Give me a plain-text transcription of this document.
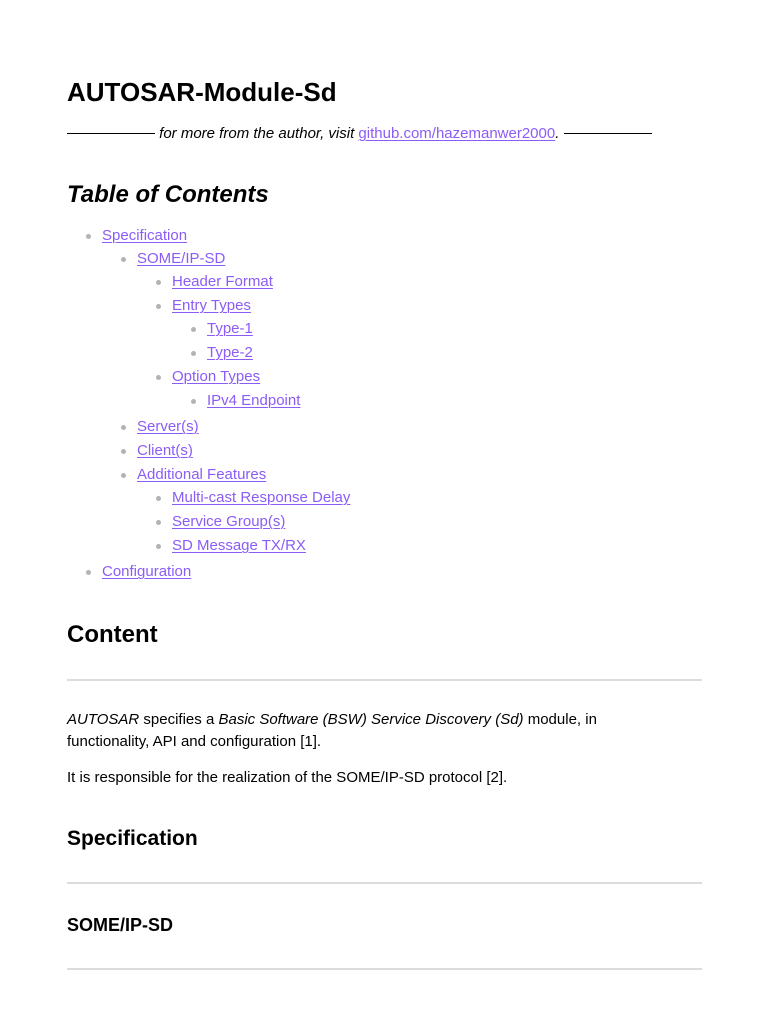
AUTOSAR-Module-Sd
for more from the author, visit github.com/hazemanwer2000.
Table of Contents
Specification
SOME/IP-SD
Header Format
Entry Types
Type-1
Type-2
Option Types
IPv4 Endpoint
Server(s)
Client(s)
Additional Features
Multi-cast Response Delay
Service Group(s)
SD Message TX/RX
Configuration
Content

AUTOSAR specifies a Basic Software (BSW) Service Discovery (Sd) module, in functionality, API and configuration [1].

It is responsible for the realization of the SOME/IP-SD protocol [2].

Specification
SOME/IP-SD
